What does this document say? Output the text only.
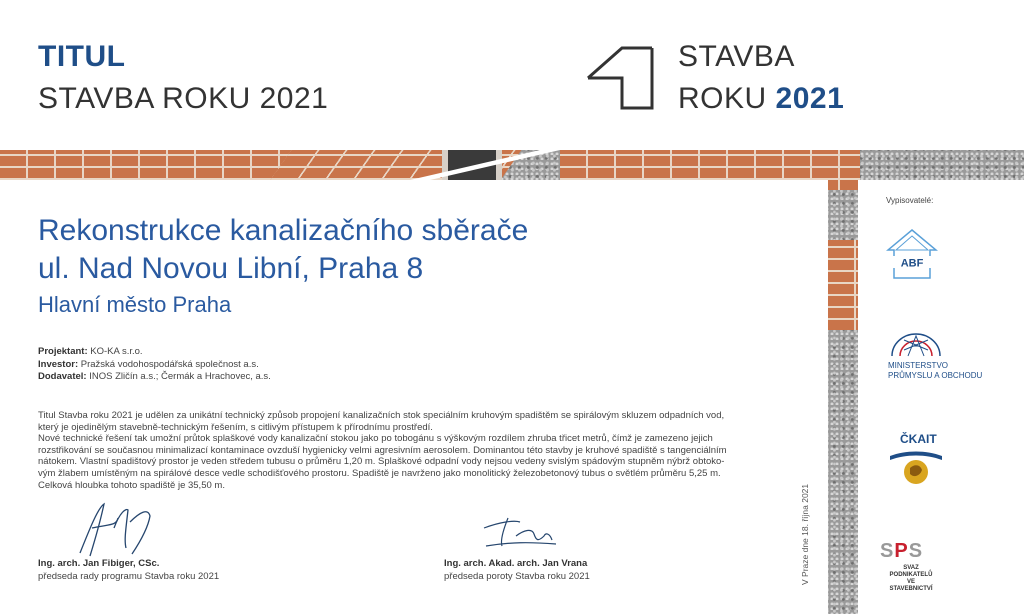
TITUL
STAVBA ROKU 2021
STAVBA
ROKU 2021
Rekonstrukce kanalizačního sběrače
ul. Nad Novou Libní, Praha 8
Hlavní město Praha
Projektant: KO-KA s.r.o.
Investor: Pražská vodohospodářská společnost a.s.
Dodavatel: INOS Zličín a.s.; Čermák a Hrachovec, a.s.
Titul Stavba roku 2021 je udělen za unikátní technický způsob propojení kanalizačních stok speciálním kruhovým spadištěm se spirálovým skluzem odpadních vod,
který je ojedinělým stavebně-technickým řešením, s citlivým přístupem k přírodnímu prostředí.
Nové technické řešení tak umožní průtok splaškové vody kanalizační stokou jako po tobogánu s výškovým rozdílem zhruba třicet metrů, čímž je zamezeno jejich
rozstřikování se současnou minimalizací kontaminace ovzduší hygienicky velmi agresivním aerosolem. Dominantou této stavby je kruhové spadiště s tangenciálním
nátokem. Vlastní spadištový prostor je veden středem tubusu o průměru 1,20 m. Splaškové odpadní vody nejsou vedeny svislým spádovým stupněm nýbrž obtoko-
vým žlabem umístěným na spirálové desce vedle schodišťového prostoru. Spadiště je navrženo jako monolitický železobetonový tubus o světlém průměru 5,25 m.
Celková hloubka tohoto spadiště je 35,50 m.
Ing. arch. Jan Fibiger, CSc.
předseda rady programu Stavba roku 2021
Ing. arch. Akad. arch. Jan Vrana
předseda poroty Stavba roku 2021	V Praze dne 18. října 2021
Vypisovatelé:
ABF
MINISTERSTVO
PRŮMYSLU A OBCHODU
ČKAIT
SPS
SVAZ PODNIKATELŮ
VE STAVEBNICTVÍ
